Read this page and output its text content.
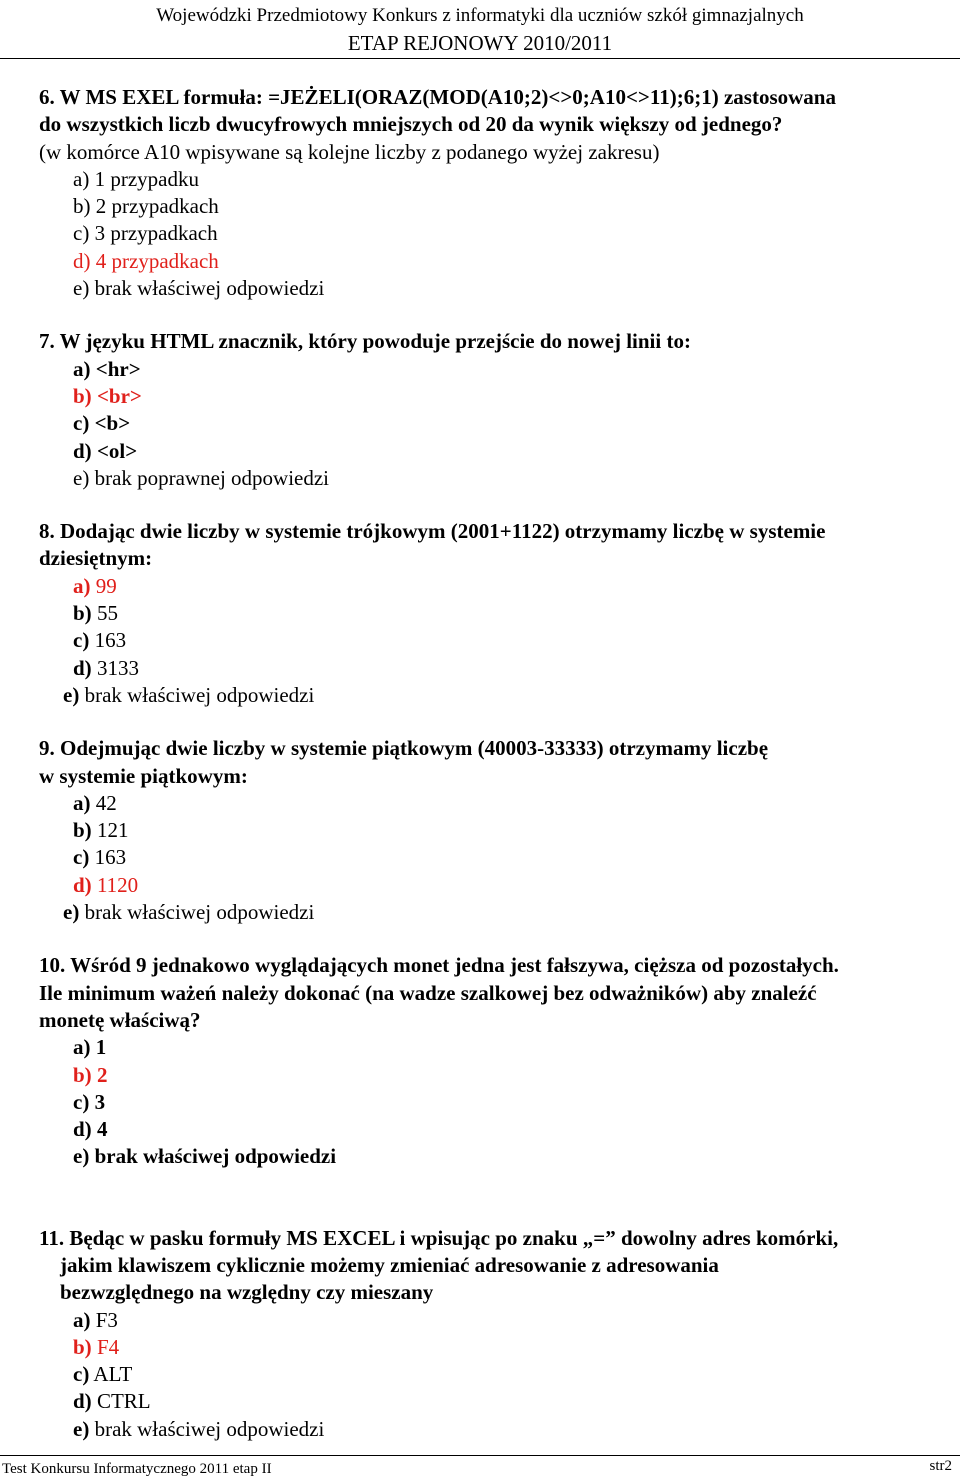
Wojewódzki Przedmiotowy Konkurs z informatyki dla uczniów szkół gimnazjalnych
ETAP REJONOWY 2010/2011
6. W MS EXEL formuła: =JEŻELI(ORAZ(MOD(A10;2)<>0;A10<>11);6;1) zastosowana
do wszystkich liczb dwucyfrowych mniejszych od 20 da wynik większy od jednego?
(w komórce A10 wpisywane są kolejne liczby z podanego wyżej zakresu)
a) 1 przypadku
b) 2 przypadkach
c) 3 przypadkach
d) 4 przypadkach
e) brak właściwej odpowiedzi
7. W języku HTML znacznik, który powoduje przejście do nowej linii to:
a) <hr>
b) <br>
c) <b>
d) <ol>
e) brak poprawnej odpowiedzi
8. Dodając dwie liczby w systemie trójkowym (2001+1122) otrzymamy liczbę w systemie
dziesiętnym:
a) 99
b) 55
c) 163
d) 3133
e) brak właściwej odpowiedzi
9. Odejmując dwie liczby w systemie piątkowym (40003-33333) otrzymamy liczbę
w systemie piątkowym:
a) 42
b) 121
c) 163
d) 1120
e) brak właściwej odpowiedzi
10. Wśród 9 jednakowo wyglądających monet jedna jest fałszywa, cięższa od pozostałych.
Ile minimum ważeń należy dokonać (na wadze szalkowej bez odważników) aby znaleźć
monetę właściwą?
a) 1
b) 2
c) 3
d) 4
e) brak właściwej odpowiedzi
11. Będąc w pasku formuły MS EXCEL i wpisując po znaku „=” dowolny adres komórki,
jakim klawiszem cyklicznie możemy zmieniać adresowanie z adresowania
bezwzględnego na względny czy mieszany
a) F3
b) F4
c) ALT
d) CTRL
e) brak właściwej odpowiedzi
Test Konkursu Informatycznego 2011 etap II	str2
